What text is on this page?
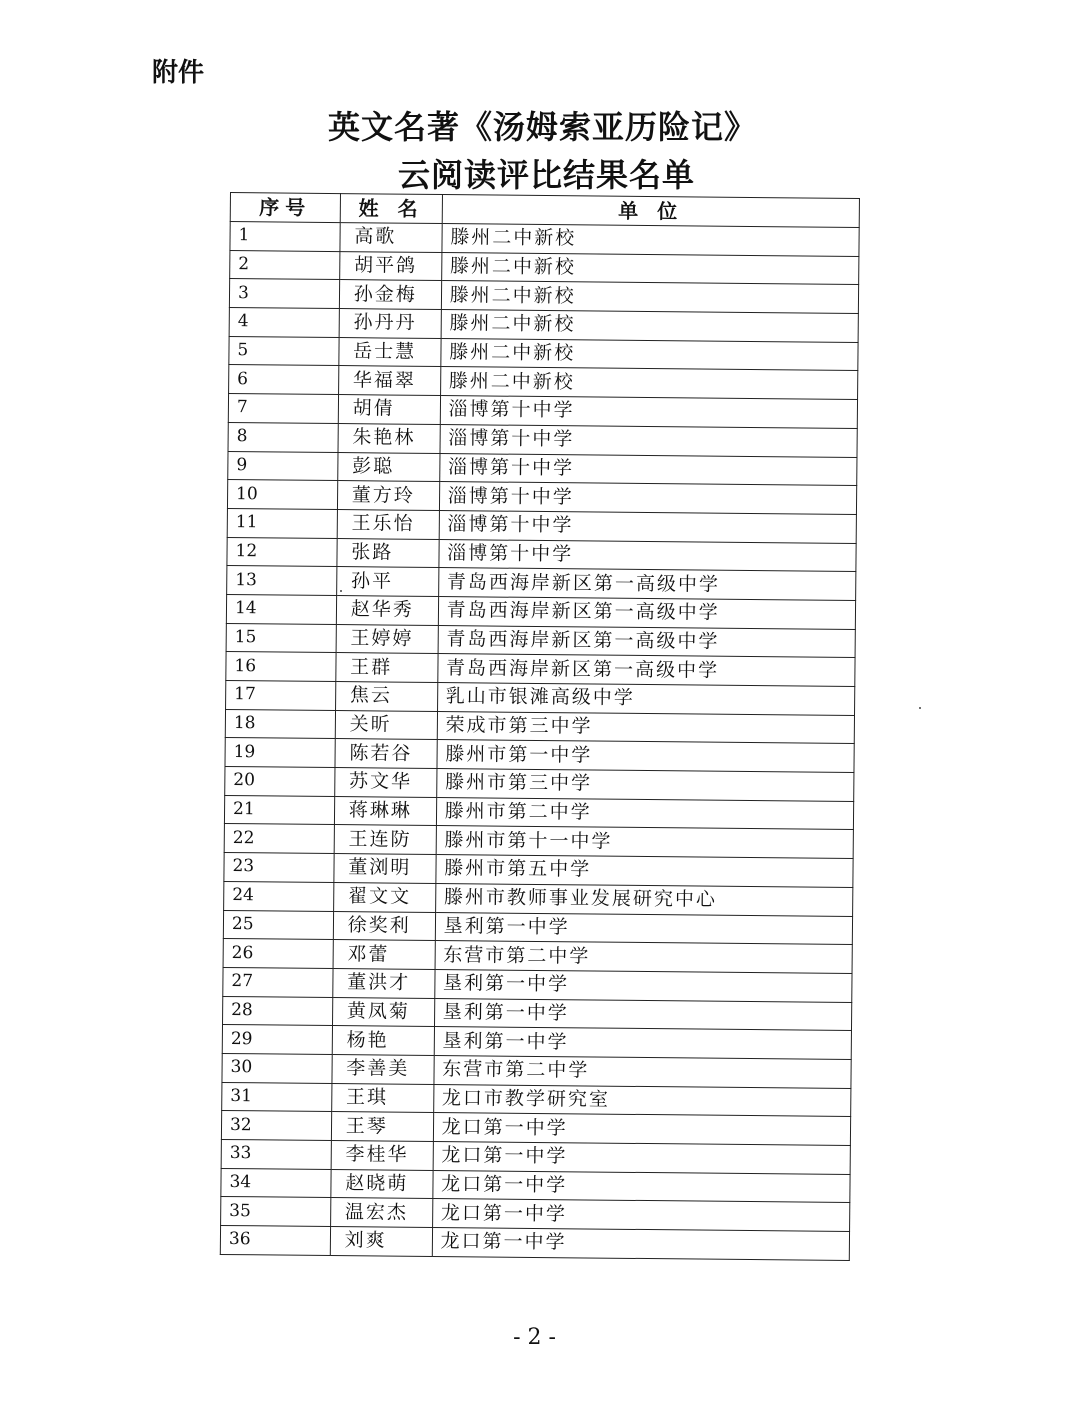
附件
英文名著《汤姆索亚历险记》
云阅读评比结果名单
序号	姓 名	单 位
1	高歌	滕州二中新校
2	胡平鸽	滕州二中新校
3	孙金梅	滕州二中新校
4	孙丹丹	滕州二中新校
5	岳士慧	滕州二中新校
6	华福翠	滕州二中新校
7	胡倩	淄博第十中学
8	朱艳林	淄博第十中学
9	彭聪	淄博第十中学
10	董方玲	淄博第十中学
11	王乐怡	淄博第十中学
12	张路	淄博第十中学
13	孙平	青岛西海岸新区第一高级中学
14	赵华秀	青岛西海岸新区第一高级中学
15	王婷婷	青岛西海岸新区第一高级中学
16	王群	青岛西海岸新区第一高级中学
17	焦云	乳山市银滩高级中学
18	关昕	荣成市第三中学
19	陈若谷	滕州市第一中学
20	苏文华	滕州市第三中学
21	蒋琳琳	滕州市第二中学
22	王连防	滕州市第十一中学
23	董浏明	滕州市第五中学
24	翟文文	滕州市教师事业发展研究中心
25	徐奖利	垦利第一中学
26	邓蕾	东营市第二中学
27	董洪才	垦利第一中学
28	黄凤菊	垦利第一中学
29	杨艳	垦利第一中学
30	李善美	东营市第二中学
31	王琪	龙口市教学研究室
32	王琴	龙口第一中学
33	李桂华	龙口第一中学
34	赵晓萌	龙口第一中学
35	温宏杰	龙口第一中学
36	刘爽	龙口第一中学
- 2 -
